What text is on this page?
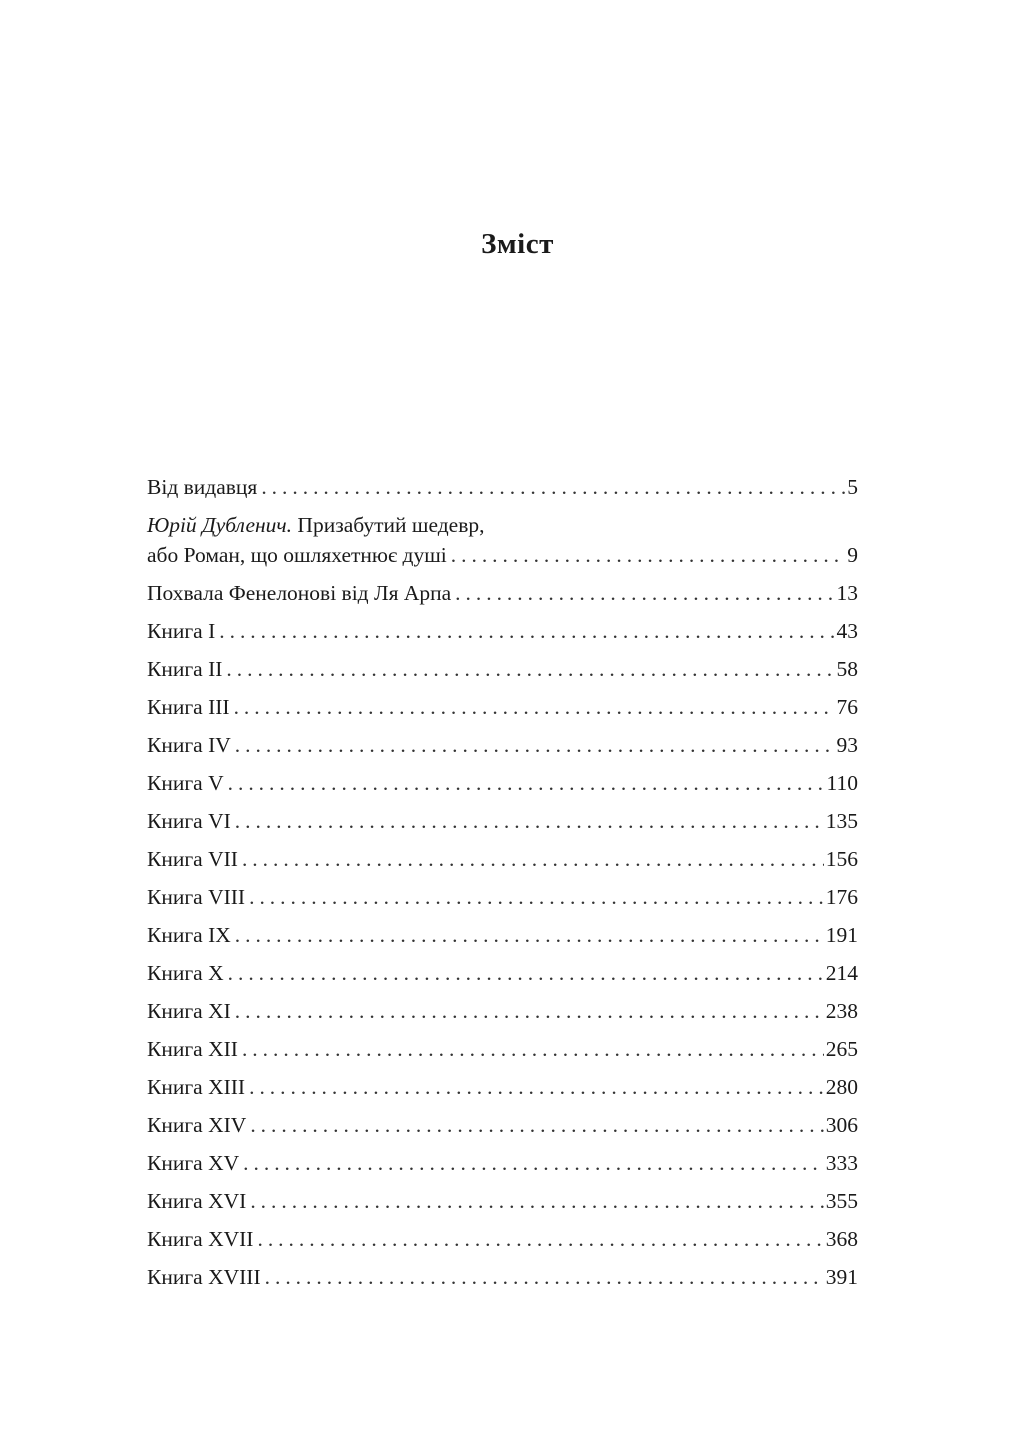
Зміст
Від видавця . . .	5
Юрій Дубленич. Призабутий шедевр,
або Роман, що ошляхетнює душі . . .	9
Похвала Фенелонові від Ля Арпа . . .	13
Книга I . . .	43
Книга II . . .	58
Книга III . . .	76
Книга IV . . .	93
Книга V . . .	110
Книга VI . . .	135
Книга VII . . .	156
Книга VIII . . .	176
Книга IX . . .	191
Книга X . . .	214
Книга XI . . .	238
Книга XII . . .	265
Книга XIII . . .	280
Книга XIV . . .	306
Книга XV . . .	333
Книга XVI . . .	355
Книга XVII . . .	368
Книга XVIII . . .	391
